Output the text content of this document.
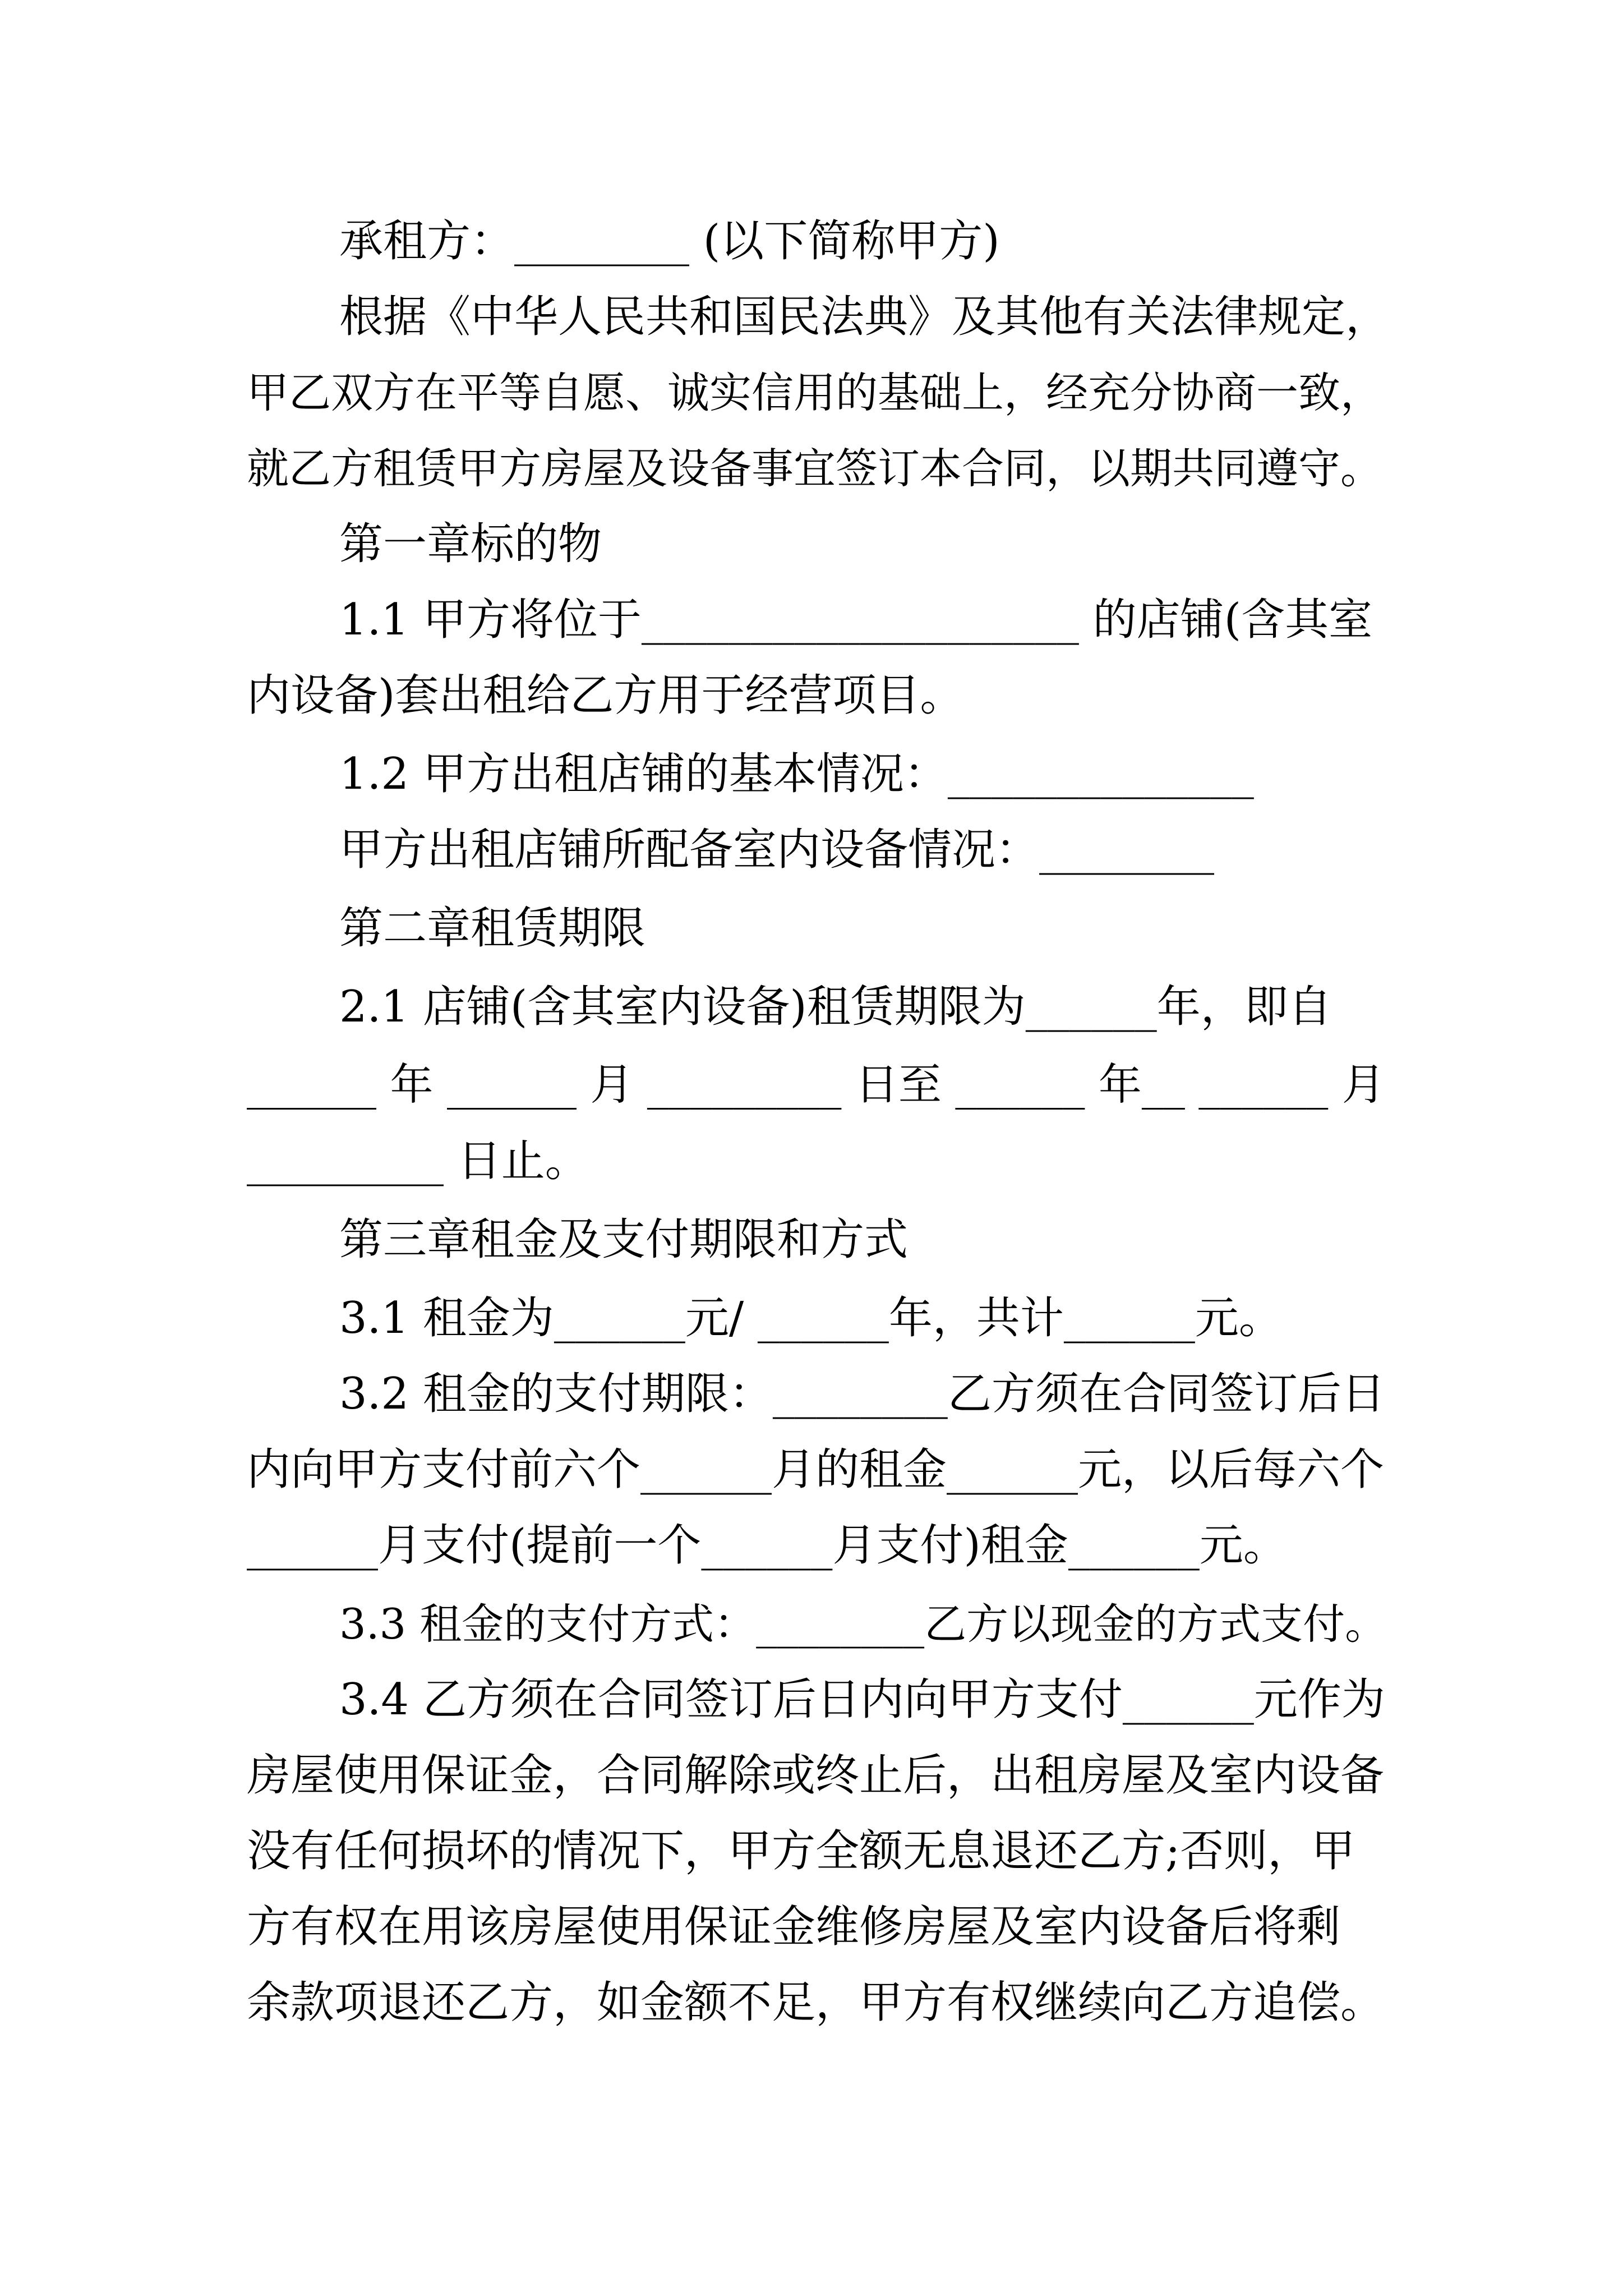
承租方：________ (以下简称甲方)

根据《中华人民共和国民法典》及其他有关法律规定，

甲乙双方在平等自愿、诚实信用的基础上，经充分协商一致，

就乙方租赁甲方房屋及设备事宜签订本合同，以期共同遵守。

第一章标的物

1.1 甲方将位于____________________ 的店铺(含其室

内设备)套出租给乙方用于经营项目。

1.2 甲方出租店铺的基本情况：______________

甲方出租店铺所配备室内设备情况：________

第二章租赁期限

2.1 店铺(含其室内设备)租赁期限为______年，即自

______ 年 ______ 月 _________ 日至 ______ 年__ ______ 月

_________ 日止。

第三章租金及支付期限和方式

3.1 租金为______元/ ______年，共计______元。

3.2 租金的支付期限：________乙方须在合同签订后日

内向甲方支付前六个______月的租金______元，以后每六个

______月支付(提前一个______月支付)租金______元。

3.3 租金的支付方式：________乙方以现金的方式支付。

3.4 乙方须在合同签订后日内向甲方支付______元作为

房屋使用保证金，合同解除或终止后，出租房屋及室内设备

没有任何损坏的情况下，甲方全额无息退还乙方;否则，甲

方有权在用该房屋使用保证金维修房屋及室内设备后将剩

余款项退还乙方，如金额不足，甲方有权继续向乙方追偿。
